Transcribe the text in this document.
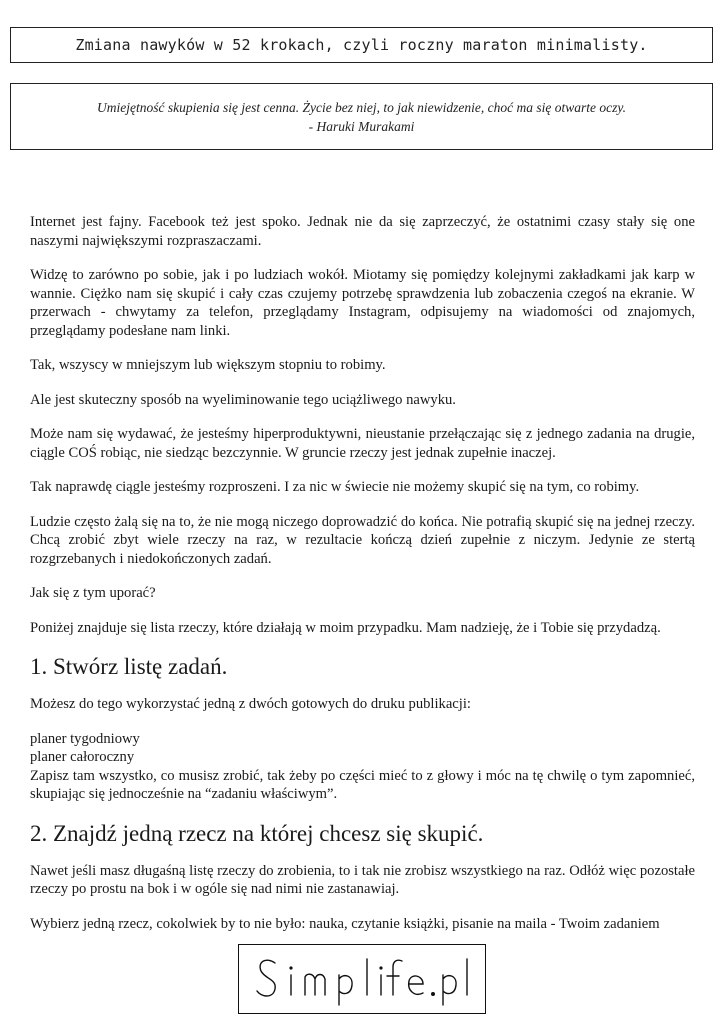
Zmiana nawyków w 52 krokach, czyli roczny maraton minimalisty.
Umiejętność skupienia się jest cenna. Życie bez niej, to jak niewidzenie, choć ma się otwarte oczy.
- Haruki Murakami

Internet jest fajny. Facebook też jest spoko. Jednak nie da się zaprzeczyć, że ostatnimi czasy stały się one naszymi największymi rozpraszaczami.

Widzę to zarówno po sobie, jak i po ludziach wokół. Miotamy się pomiędzy kolejnymi zakładkami jak karp w wannie. Ciężko nam się skupić i cały czas czujemy potrzebę sprawdzenia lub zobaczenia czegoś na ekranie. W przerwach - chwytamy za telefon, przeglądamy Instagram, odpisujemy na wiadomości od znajomych, przeglądamy podesłane nam linki.

Tak, wszyscy w mniejszym lub większym stopniu to robimy.

Ale jest skuteczny sposób na wyeliminowanie tego uciążliwego nawyku.

Może nam się wydawać, że jesteśmy hiperproduktywni, nieustanie przełączając się z jednego zadania na drugie, ciągle COŚ robiąc, nie siedząc bezczynnie. W gruncie rzeczy jest jednak zupełnie inaczej.

Tak naprawdę ciągle jesteśmy rozproszeni. I za nic w świecie nie możemy skupić się na tym, co robimy.

Ludzie często żalą się na to, że nie mogą niczego doprowadzić do końca. Nie potrafią skupić się na jednej rzeczy. Chcą zrobić zbyt wiele rzeczy na raz, w rezultacie kończą dzień zupełnie z niczym. Jedynie ze stertą rozgrzebanych i niedokończonych zadań.

Jak się z tym uporać?

Poniżej znajduje się lista rzeczy, które działają w moim przypadku. Mam nadzieję, że i Tobie się przydadzą.

1. Stwórz listę zadań.

Możesz do tego wykorzystać jedną z dwóch gotowych do druku publikacji:

planer tygodniowy
planer całoroczny
Zapisz tam wszystko, co musisz zrobić, tak żeby po części mieć to z głowy i móc na tę chwilę o tym zapomnieć, skupiając się jednocześnie na “zadaniu właściwym”.
2. Znajdź jedną rzecz na której chcesz się skupić.

Nawet jeśli masz długaśną listę rzeczy do zrobienia, to i tak nie zrobisz wszystkiego na raz. Odłóż więc pozostałe rzeczy po prostu na bok i w ogóle się nad nimi nie zastanawiaj.

Wybierz jedną rzecz, cokolwiek by to nie było: nauka, czytanie książki, pisanie na maila - Twoim zadaniem
